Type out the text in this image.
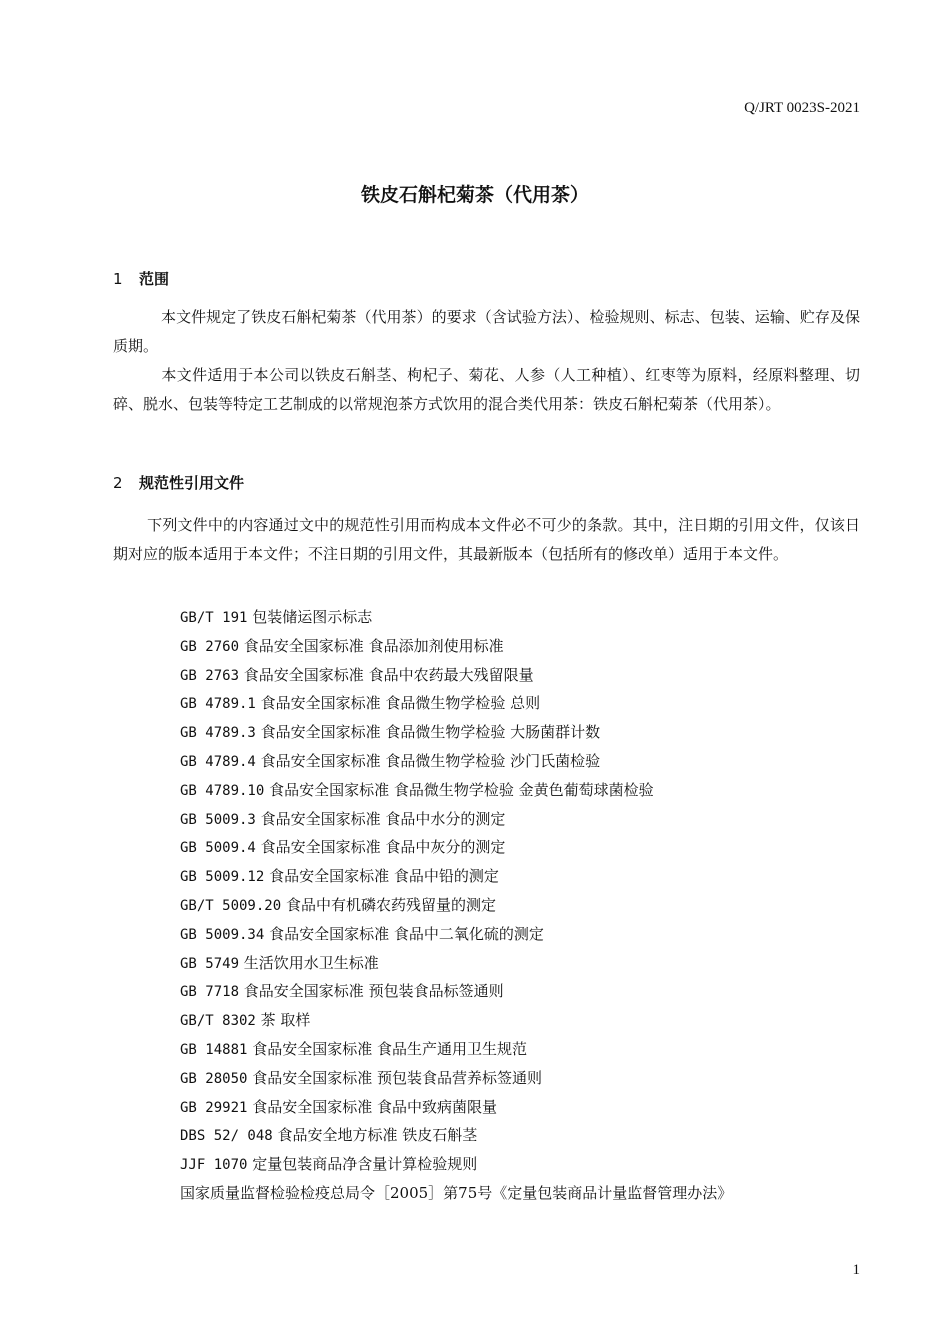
Q/JRT 0023S-2021
铁皮石斛杞菊茶（代用茶）
1 范围
本文件规定了铁皮石斛杞菊茶（代用茶）的要求（含试验方法）、检验规则、标志、包装、运输、贮存及保质期。
本文件适用于本公司以铁皮石斛茎、枸杞子、菊花、人参（人工种植）、红枣等为原料，经原料整理、切碎、脱水、包装等特定工艺制成的以常规泡茶方式饮用的混合类代用茶：铁皮石斛杞菊茶（代用茶）。
2 规范性引用文件
下列文件中的内容通过文中的规范性引用而构成本文件必不可少的条款。其中，注日期的引用文件，仅该日期对应的版本适用于本文件；不注日期的引用文件，其最新版本（包括所有的修改单）适用于本文件。
GB/T 191 包装储运图示标志
GB 2760 食品安全国家标准 食品添加剂使用标准
GB 2763 食品安全国家标准 食品中农药最大残留限量
GB 4789.1 食品安全国家标准 食品微生物学检验 总则
GB 4789.3 食品安全国家标准 食品微生物学检验 大肠菌群计数
GB 4789.4 食品安全国家标准 食品微生物学检验 沙门氏菌检验
GB 4789.10 食品安全国家标准 食品微生物学检验 金黄色葡萄球菌检验
GB 5009.3 食品安全国家标准 食品中水分的测定
GB 5009.4 食品安全国家标准 食品中灰分的测定
GB 5009.12 食品安全国家标准 食品中铅的测定
GB/T 5009.20 食品中有机磷农药残留量的测定
GB 5009.34 食品安全国家标准 食品中二氧化硫的测定
GB 5749 生活饮用水卫生标准
GB 7718 食品安全国家标准 预包装食品标签通则
GB/T 8302 茶 取样
GB 14881 食品安全国家标准 食品生产通用卫生规范
GB 28050 食品安全国家标准 预包装食品营养标签通则
GB 29921 食品安全国家标准 食品中致病菌限量
DBS 52/ 048 食品安全地方标准 铁皮石斛茎
JJF 1070 定量包装商品净含量计算检验规则
国家质量监督检验检疫总局令［2005］第75号《定量包装商品计量监督管理办法》
1
